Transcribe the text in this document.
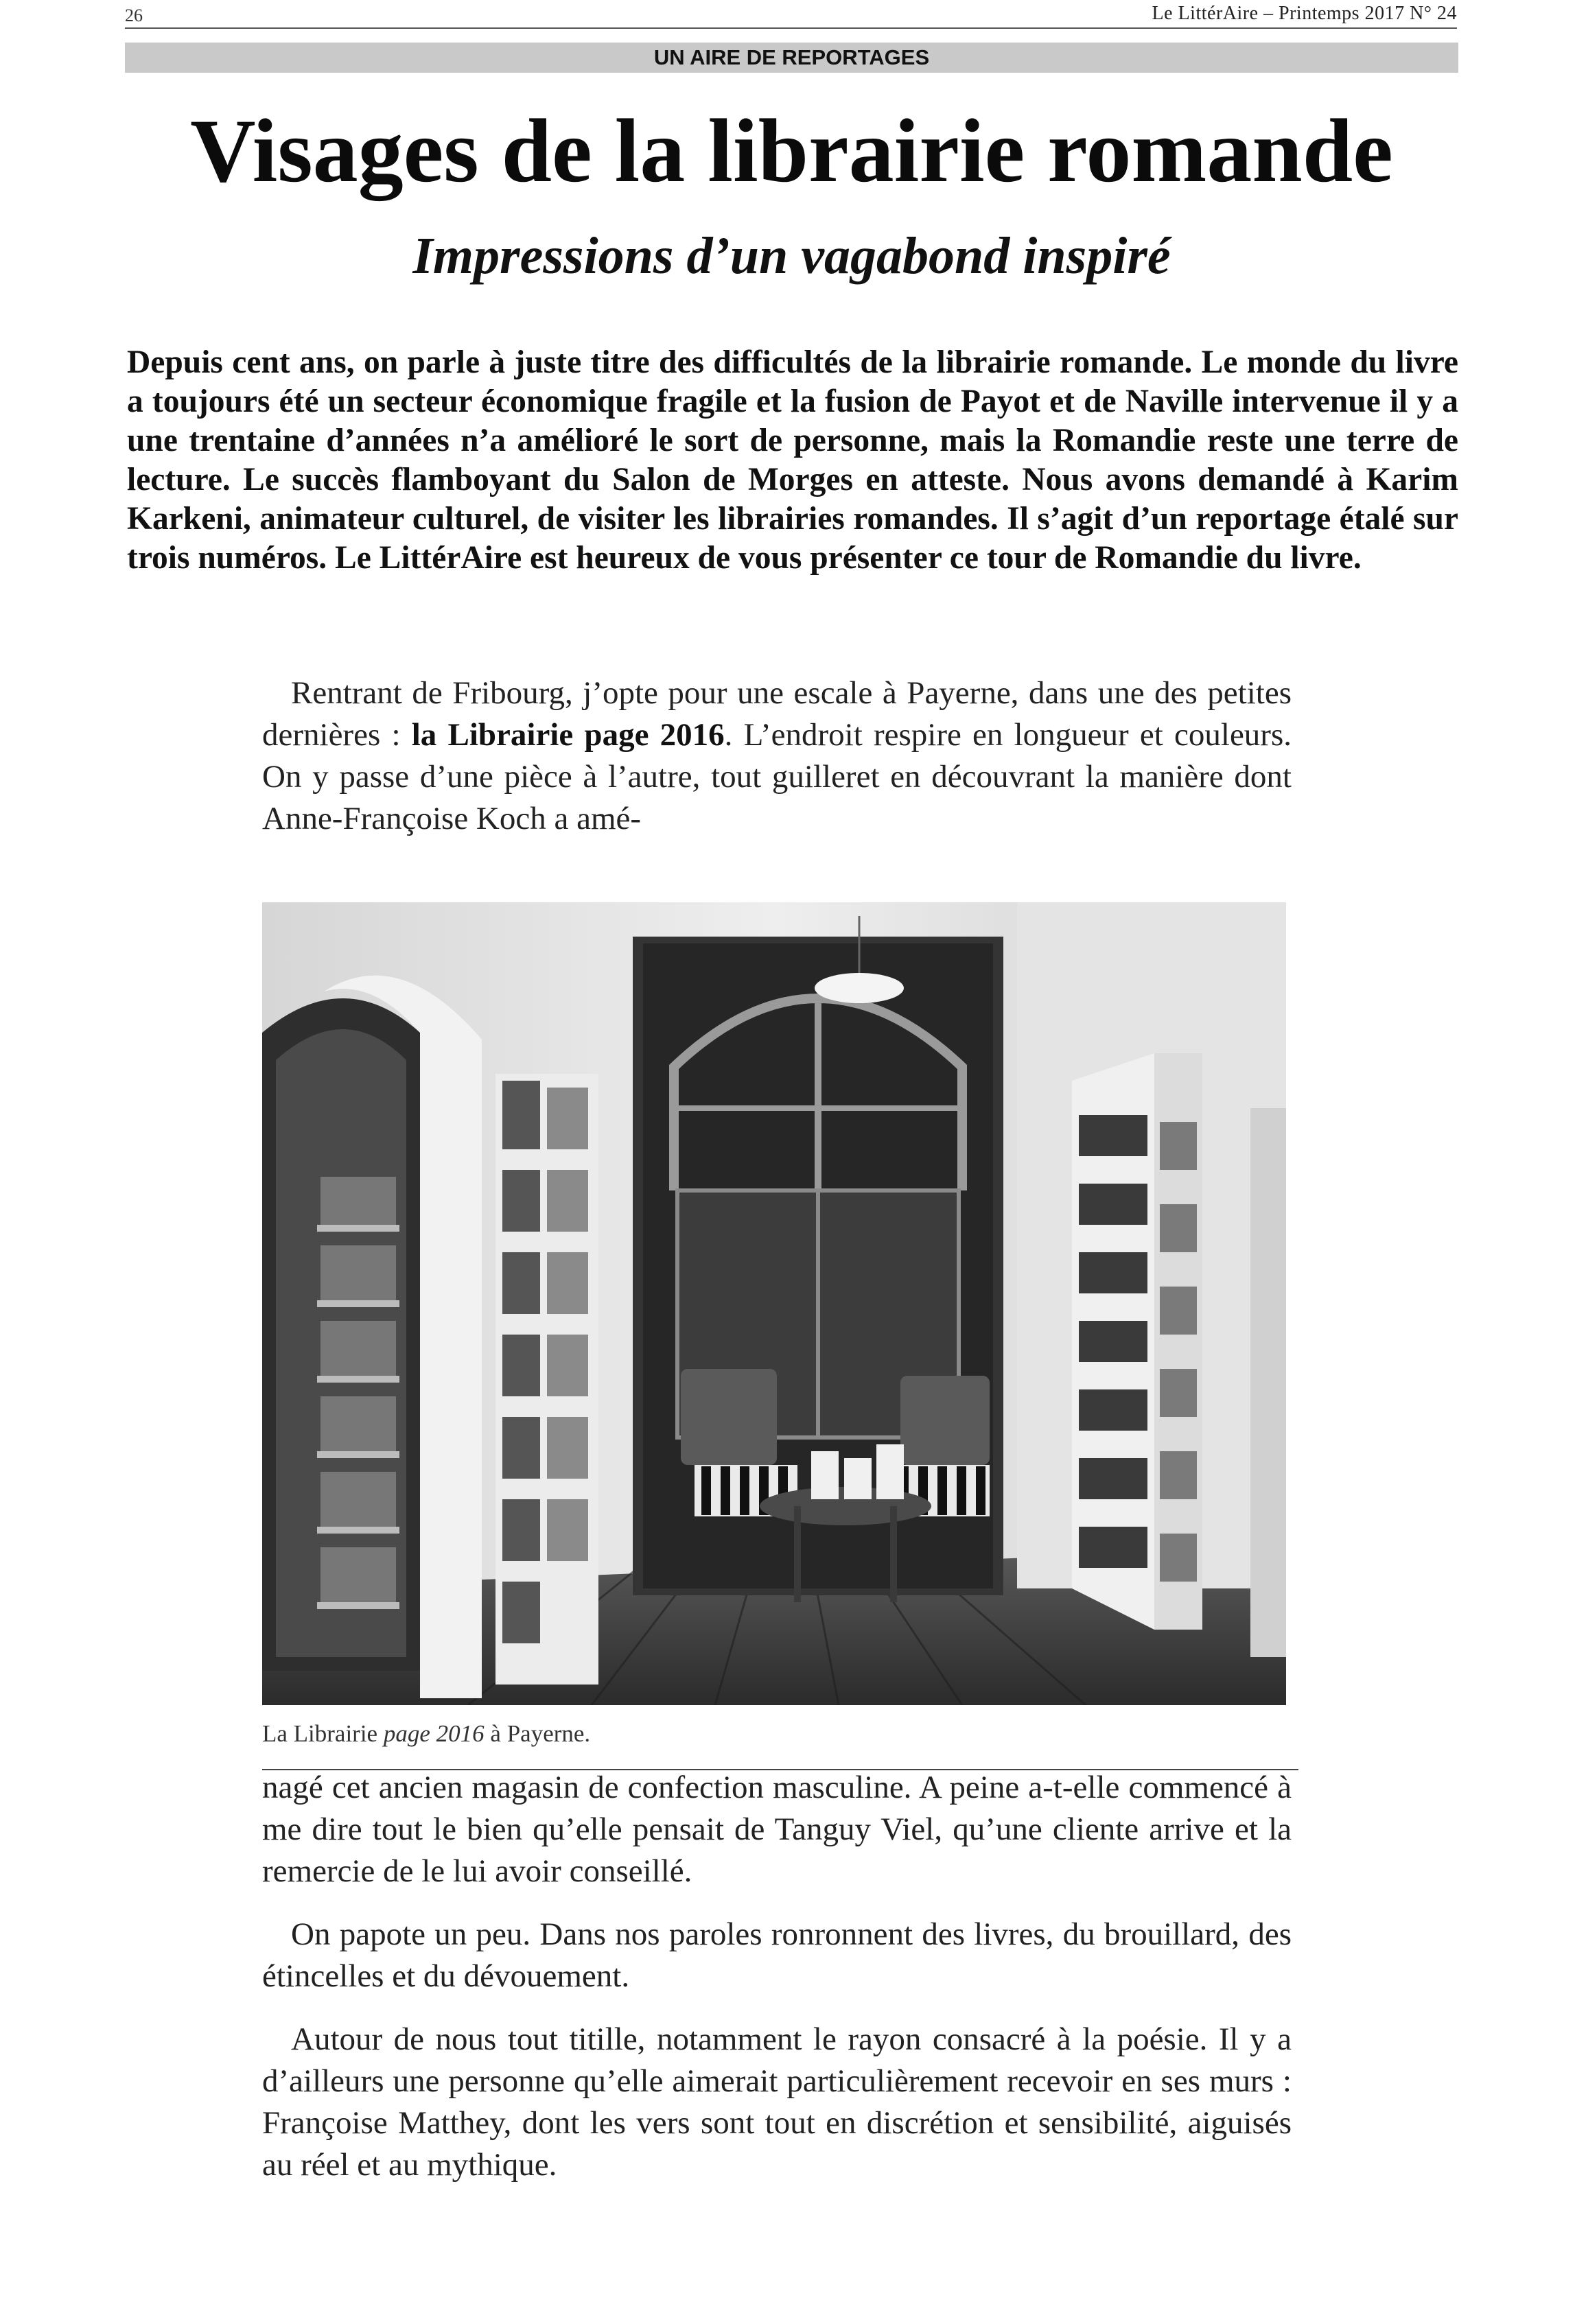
26	Le LittérAire – Printemps 2017 N° 24
UN AIRE DE REPORTAGES
Visages de la librairie romande
Impressions d’un vagabond inspiré
Depuis cent ans, on parle à juste titre des difficultés de la librairie romande. Le monde du livre a toujours été un secteur économique fragile et la fusion de Payot et de Naville intervenue il y a une trentaine d’années n’a amélioré le sort de personne, mais la Romandie reste une terre de lecture. Le succès flamboyant du Salon de Morges en atteste. Nous avons demandé à Karim Karkeni, animateur culturel, de visiter les librairies romandes. Il s’agit d’un reportage étalé sur trois numéros. Le LittérAire est heureux de vous présenter ce tour de Romandie du livre.
Rentrant de Fribourg, j’opte pour une escale à Payerne, dans une des petites dernières : la Librairie page 2016. L’endroit respire en longueur et couleurs. On y passe d’une pièce à l’autre, tout guilleret en découvrant la manière dont Anne-Françoise Koch a amé-
La Librairie page 2016 à Payerne.

nagé cet ancien magasin de confection masculine. A peine a-t-elle commencé à me dire tout le bien qu’elle pensait de Tanguy Viel, qu’une cliente arrive et la remercie de le lui avoir conseillé.

On papote un peu. Dans nos paroles ronronnent des livres, du brouillard, des étincelles et du dévouement.

Autour de nous tout titille, notamment le rayon consacré à la poésie. Il y a d’ailleurs une personne qu’elle aimerait particulièrement recevoir en ses murs : Françoise Matthey, dont les vers sont tout en discrétion et sensibilité, aiguisés au réel et au mythique.
